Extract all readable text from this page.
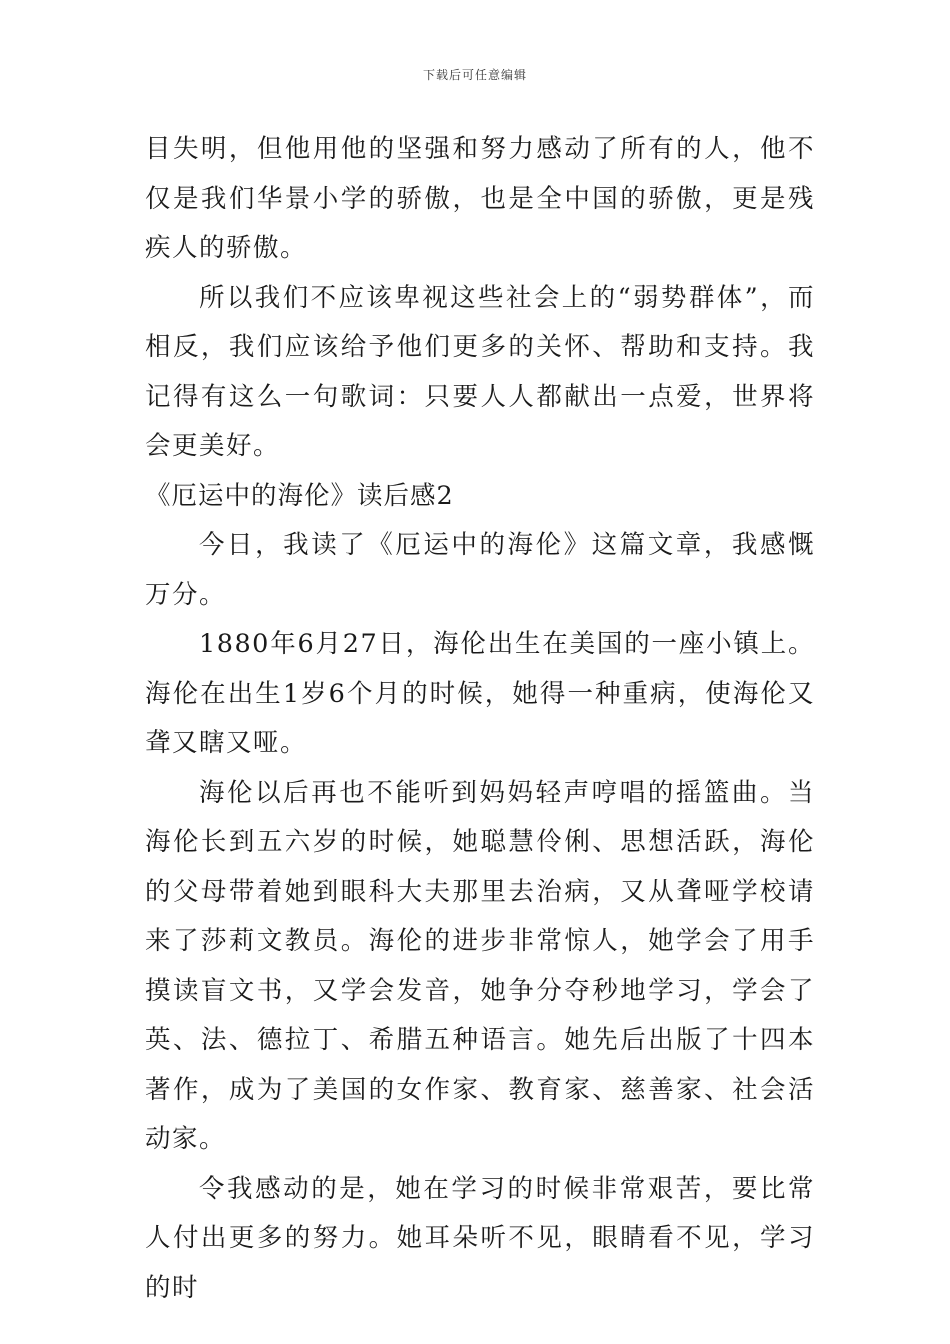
下载后可任意编辑

目失明，但他用他的坚强和努力感动了所有的人，他不仅是我们华景小学的骄傲，也是全中国的骄傲，更是残疾人的骄傲。

所以我们不应该卑视这些社会上的“弱势群体”，而相反，我们应该给予他们更多的关怀、帮助和支持。我记得有这么一句歌词：只要人人都献出一点爱，世界将会更美好。

《厄运中的海伦》读后感2

今日，我读了《厄运中的海伦》这篇文章，我感慨万分。

1880年6月27日，海伦出生在美国的一座小镇上。海伦在出生1岁6个月的时候，她得一种重病，使海伦又聋又瞎又哑。

海伦以后再也不能听到妈妈轻声哼唱的摇篮曲。当海伦长到五六岁的时候，她聪慧伶俐、思想活跃，海伦的父母带着她到眼科大夫那里去治病，又从聋哑学校请来了莎莉文教员。海伦的进步非常惊人，她学会了用手摸读盲文书，又学会发音，她争分夺秒地学习，学会了英、法、德拉丁、希腊五种语言。她先后出版了十四本著作，成为了美国的女作家、教育家、慈善家、社会活动家。

令我感动的是，她在学习的时候非常艰苦，要比常人付出更多的努力。她耳朵听不见，眼睛看不见，学习的时
